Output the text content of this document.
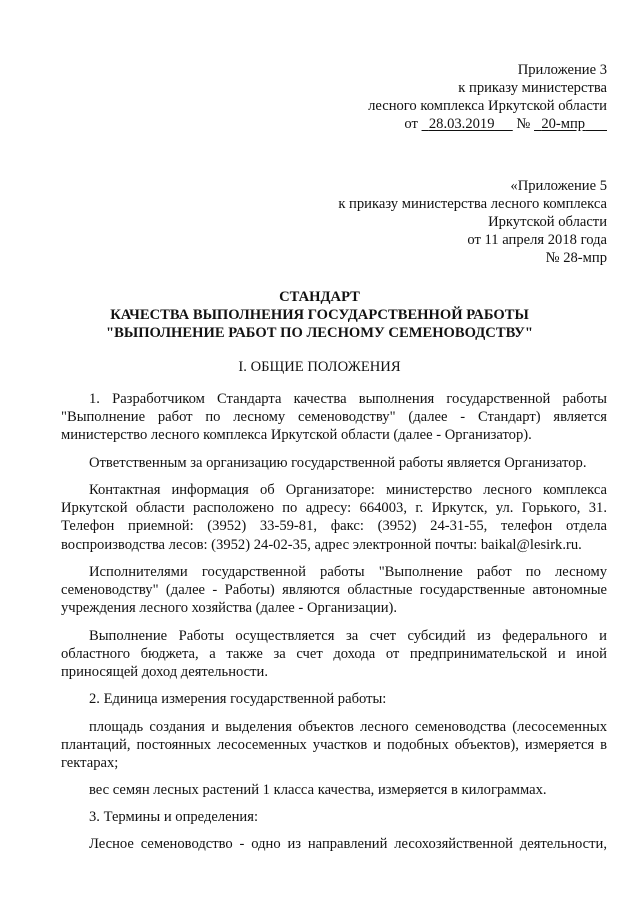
Приложение 3
к приказу министерства
лесного комплекса Иркутской области
от 28.03.2019 № 20-мпр
«Приложение 5
к приказу министерства лесного комплекса
Иркутской области
от 11 апреля 2018 года
№ 28-мпр
СТАНДАРТ
КАЧЕСТВА ВЫПОЛНЕНИЯ ГОСУДАРСТВЕННОЙ РАБОТЫ
"ВЫПОЛНЕНИЕ РАБОТ ПО ЛЕСНОМУ СЕМЕНОВОДСТВУ"
I. ОБЩИЕ ПОЛОЖЕНИЯ
1. Разработчиком Стандарта качества выполнения государственной работы "Выполнение работ по лесному семеноводству" (далее - Стандарт) является министерство лесного комплекса Иркутской области (далее - Организатор).
Ответственным за организацию государственной работы является Организатор.
Контактная информация об Организаторе: министерство лесного комплекса Иркутской области расположено по адресу: 664003, г. Иркутск, ул. Горького, 31. Телефон приемной: (3952) 33-59-81, факс: (3952) 24-31-55, телефон отдела воспроизводства лесов: (3952) 24-02-35, адрес электронной почты: baikal@lesirk.ru.
Исполнителями государственной работы "Выполнение работ по лесному семеноводству" (далее - Работы) являются областные государственные автономные учреждения лесного хозяйства (далее - Организации).
Выполнение Работы осуществляется за счет субсидий из федерального и областного бюджета, а также за счет дохода от предпринимательской и иной приносящей доход деятельности.
2. Единица измерения государственной работы:
площадь создания и выделения объектов лесного семеноводства (лесосеменных плантаций, постоянных лесосеменных участков и подобных объектов), измеряется в гектарах;
вес семян лесных растений 1 класса качества, измеряется в килограммах.
3. Термины и определения:
Лесное семеноводство - одно из направлений лесохозяйственной деятельности,
